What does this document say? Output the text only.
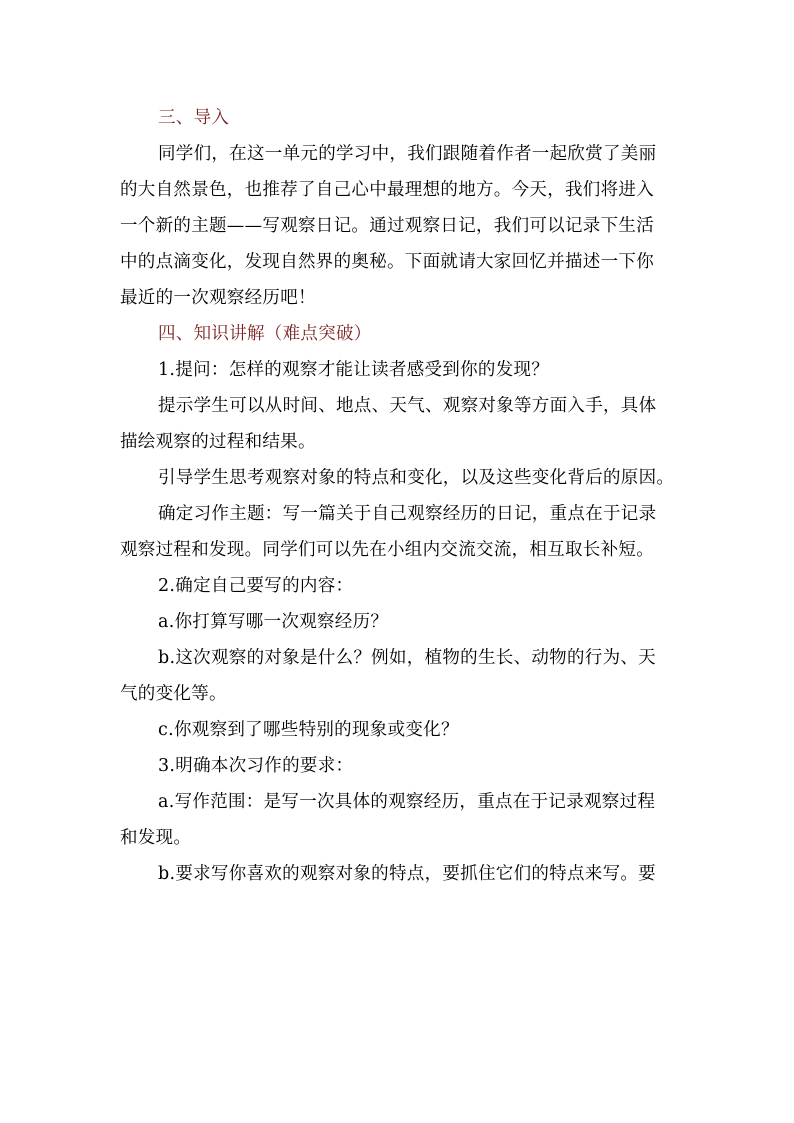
三、导入
同学们，在这一单元的学习中，我们跟随着作者一起欣赏了美丽
的大自然景色，也推荐了自己心中最理想的地方。今天，我们将进入
一个新的主题——写观察日记。通过观察日记，我们可以记录下生活
中的点滴变化，发现自然界的奥秘。下面就请大家回忆并描述一下你
最近的一次观察经历吧！
四、知识讲解（难点突破）
1.提问：怎样的观察才能让读者感受到你的发现？
提示学生可以从时间、地点、天气、观察对象等方面入手，具体
描绘观察的过程和结果。
引导学生思考观察对象的特点和变化，以及这些变化背后的原因。
确定习作主题：写一篇关于自己观察经历的日记，重点在于记录
观察过程和发现。同学们可以先在小组内交流交流，相互取长补短。
2.确定自己要写的内容：
a.你打算写哪一次观察经历？
b.这次观察的对象是什么？例如，植物的生长、动物的行为、天
气的变化等。
c.你观察到了哪些特别的现象或变化？
3.明确本次习作的要求：
a.写作范围：是写一次具体的观察经历，重点在于记录观察过程
和发现。
b.要求写你喜欢的观察对象的特点，要抓住它们的特点来写。要
